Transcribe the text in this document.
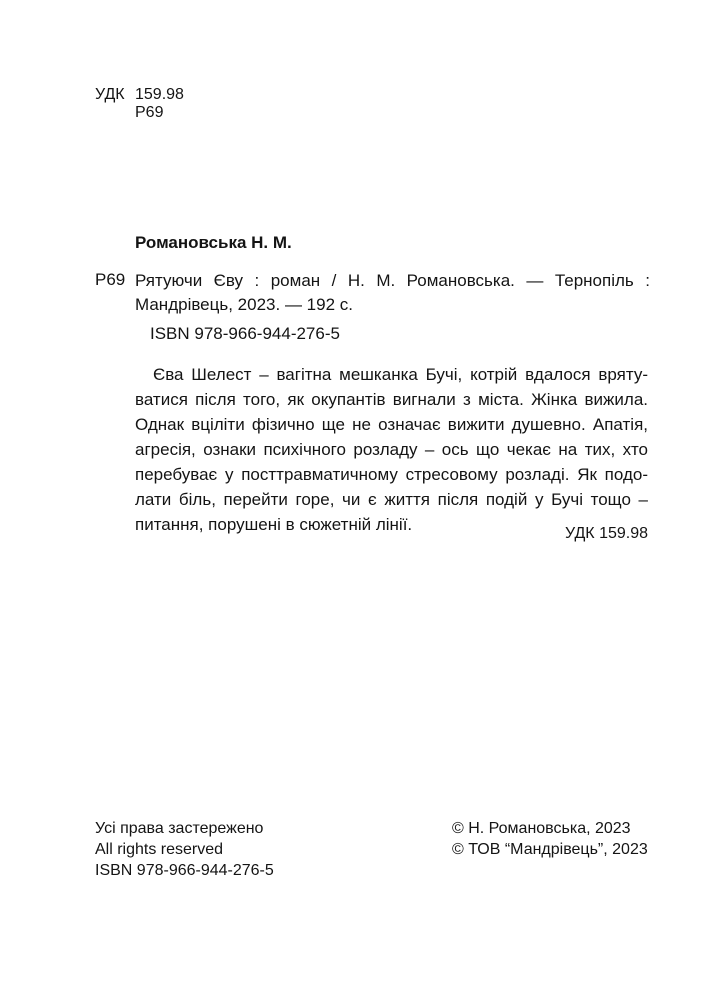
УДК 159.98
Р69
Романовська Н. М.
Р69 Рятуючи Єву : роман / Н. М. Романовська. — Тернопіль :
Мандрівець, 2023. — 192 с.
ISBN 978-966-944-276-5
Єва Шелест – вагітна мешканка Бучі, котрій вдалося вряту-
ватися після того, як окупантів вигнали з міста. Жінка вижила.
Однак вціліти фізично ще не означає вижити душевно. Апатія,
агресія, ознаки психічного розладу – ось що чекає на тих, хто
перебуває у посттравматичному стресовому розладі. Як подо-
лати біль, перейти горе, чи є життя після подій у Бучі тощо –
питання, порушені в сюжетній лінії.	УДК 159.98
Усі права застережено
All rights reserved
ISBN 978-966-944-276-5
© Н. Романовська, 2023
© ТОВ “Мандрівець”, 2023
